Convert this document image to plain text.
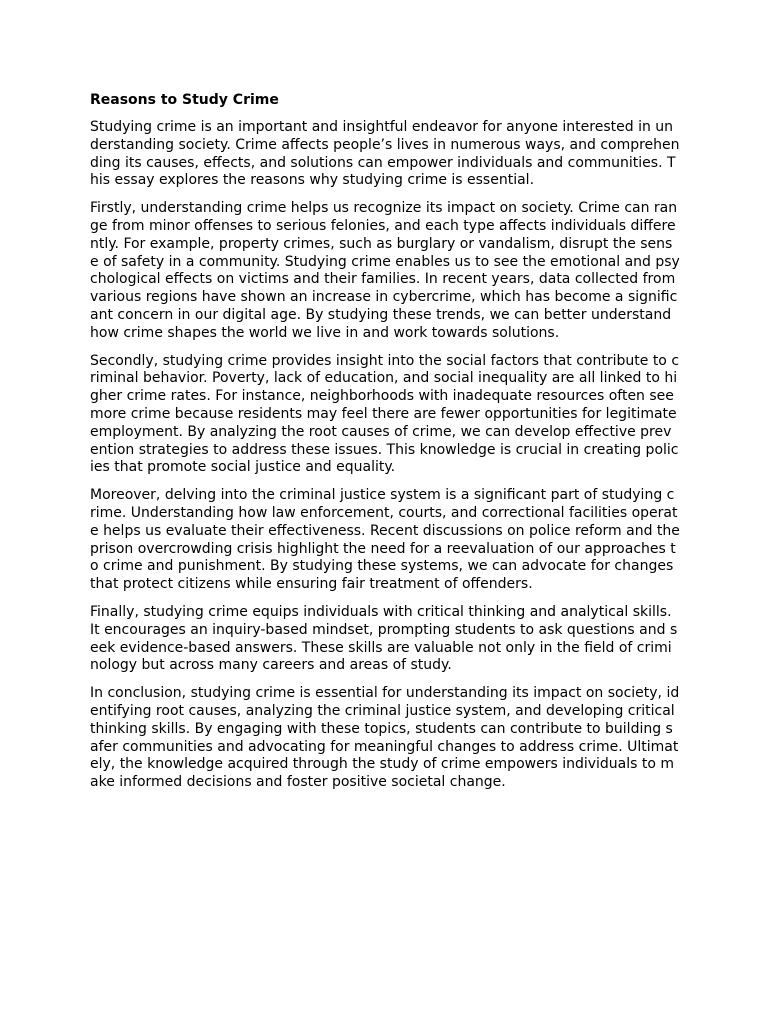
Reasons to Study Crime

Studying crime is an important and insightful endeavor for anyone interested in understanding society. Crime affects people’s lives in numerous ways, and comprehending its causes, effects, and solutions can empower individuals and communities. This essay explores the reasons why studying crime is essential.

Firstly, understanding crime helps us recognize its impact on society. Crime can range from minor offenses to serious felonies, and each type affects individuals differently. For example, property crimes, such as burglary or vandalism, disrupt the sense of safety in a community. Studying crime enables us to see the emotional and psychological effects on victims and their families. In recent years, data collected from various regions have shown an increase in cybercrime, which has become a significant concern in our digital age. By studying these trends, we can better understand how crime shapes the world we live in and work towards solutions.

Secondly, studying crime provides insight into the social factors that contribute to criminal behavior. Poverty, lack of education, and social inequality are all linked to higher crime rates. For instance, neighborhoods with inadequate resources often see more crime because residents may feel there are fewer opportunities for legitimate employment. By analyzing the root causes of crime, we can develop effective prevention strategies to address these issues. This knowledge is crucial in creating policies that promote social justice and equality.

Moreover, delving into the criminal justice system is a significant part of studying crime. Understanding how law enforcement, courts, and correctional facilities operate helps us evaluate their effectiveness. Recent discussions on police reform and the prison overcrowding crisis highlight the need for a reevaluation of our approaches to crime and punishment. By studying these systems, we can advocate for changes that protect citizens while ensuring fair treatment of offenders.

Finally, studying crime equips individuals with critical thinking and analytical skills. It encourages an inquiry-based mindset, prompting students to ask questions and seek evidence-based answers. These skills are valuable not only in the field of criminology but across many careers and areas of study.

In conclusion, studying crime is essential for understanding its impact on society, identifying root causes, analyzing the criminal justice system, and developing critical thinking skills. By engaging with these topics, students can contribute to building safer communities and advocating for meaningful changes to address crime. Ultimately, the knowledge acquired through the study of crime empowers individuals to make informed decisions and foster positive societal change.
